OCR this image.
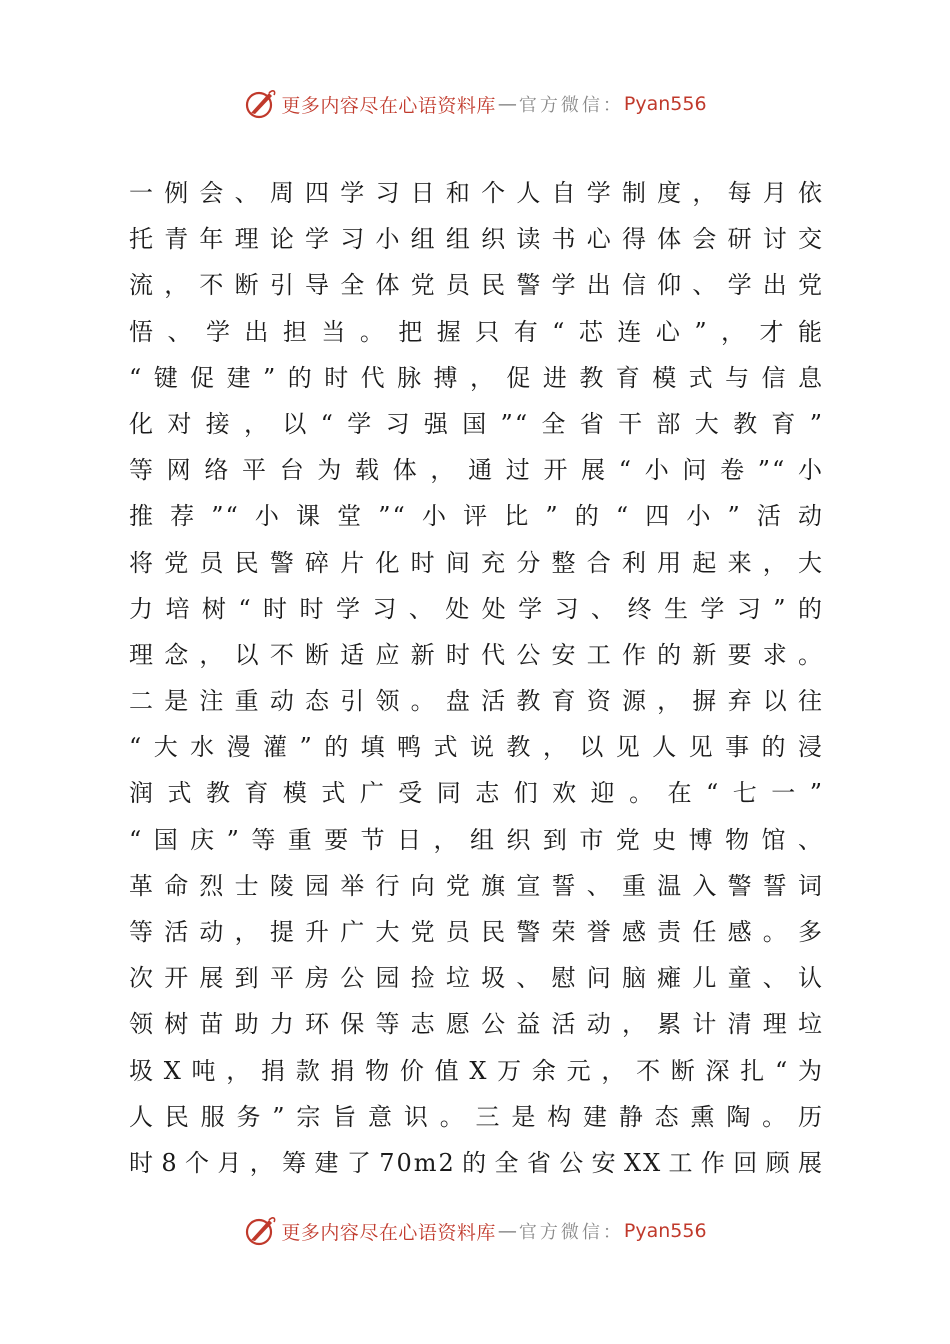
更多内容尽在心语资料库 — 官方微信： Pyan556
一例会、周四学习日和个人自学制度，每月依
托青年理论学习小组组织读书心得体会研讨交
流，不断引导全体党员民警学出信仰、学出党
悟、学出担当。把握只有“芯连心”，才能
“键促建”的时代脉搏，促进教育模式与信息
化对接，以“学习强国”“全省干部大教育”
等网络平台为载体，通过开展“小问卷”“小
推荐”“小课堂”“小评比”的“四小”活动
将党员民警碎片化时间充分整合利用起来，大
力培树“时时学习、处处学习、终生学习”的
理念，以不断适应新时代公安工作的新要求。
二是注重动态引领。盘活教育资源，摒弃以往
“大水漫灌”的填鸭式说教，以见人见事的浸
润式教育模式广受同志们欢迎。在“七一”
“国庆”等重要节日，组织到市党史博物馆、
革命烈士陵园举行向党旗宣誓、重温入警誓词
等活动，提升广大党员民警荣誉感责任感。多
次开展到平房公园捡垃圾、慰问脑瘫儿童、认
领树苗助力环保等志愿公益活动，累计清理垃
圾X吨，捐款捐物价值X万余元，不断深扎“为
人民服务”宗旨意识。三是构建静态熏陶。历
时8个月，筹建了70m2的全省公安XX工作回顾展
更多内容尽在心语资料库 — 官方微信： Pyan556
